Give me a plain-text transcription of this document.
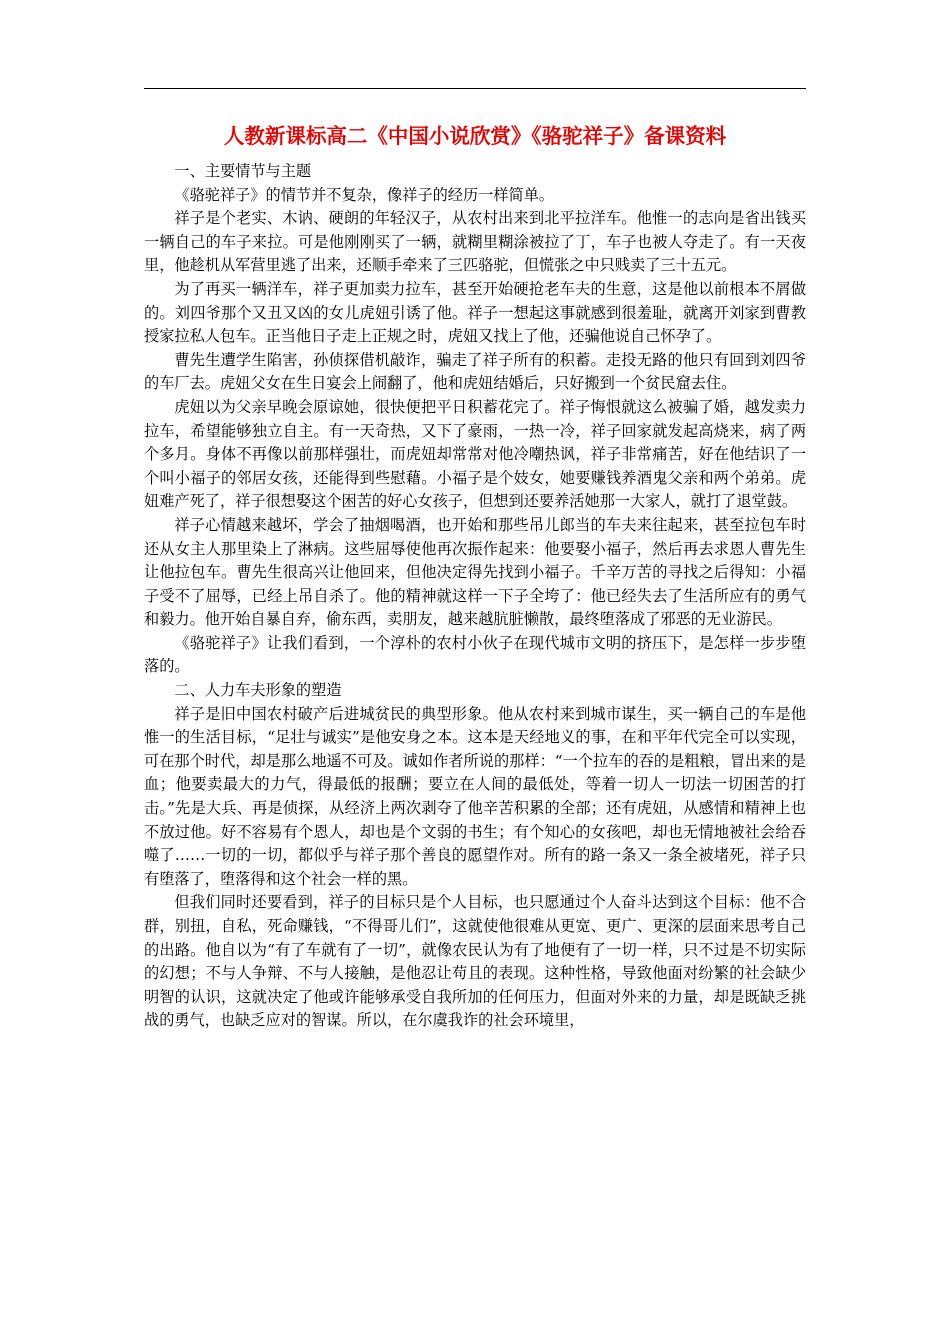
人教新课标高二《中国小说欣赏》《骆驼祥子》备课资料

一、主要情节与主题

《骆驼祥子》的情节并不复杂，像祥子的经历一样简单。

祥子是个老实、木讷、硬朗的年轻汉子，从农村出来到北平拉洋车。他惟一的志向是省出钱买一辆自己的车子来拉。可是他刚刚买了一辆，就糊里糊涂被拉了丁，车子也被人夺走了。有一天夜里，他趁机从军营里逃了出来，还顺手牵来了三匹骆驼，但慌张之中只贱卖了三十五元。

为了再买一辆洋车，祥子更加卖力拉车，甚至开始硬抢老车夫的生意，这是他以前根本不屑做的。刘四爷那个又丑又凶的女儿虎妞引诱了他。祥子一想起这事就感到很羞耻，就离开刘家到曹教授家拉私人包车。正当他日子走上正规之时，虎妞又找上了他，还骗他说自己怀孕了。

曹先生遭学生陷害，孙侦探借机敲诈，骗走了祥子所有的积蓄。走投无路的他只有回到刘四爷的车厂去。虎妞父女在生日宴会上闹翻了，他和虎妞结婚后，只好搬到一个贫民窟去住。

虎妞以为父亲早晚会原谅她，很快便把平日积蓄花完了。祥子悔恨就这么被骗了婚，越发卖力拉车，希望能够独立自主。有一天奇热，又下了豪雨，一热一冷，祥子回家就发起高烧来，病了两个多月。身体不再像以前那样强壮，而虎妞却常常对他冷嘲热讽，祥子非常痛苦，好在他结识了一个叫小福子的邻居女孩，还能得到些慰藉。小福子是个妓女，她要赚钱养酒鬼父亲和两个弟弟。虎妞难产死了，祥子很想娶这个困苦的好心女孩子，但想到还要养活她那一大家人，就打了退堂鼓。

祥子心情越来越坏，学会了抽烟喝酒，也开始和那些吊儿郎当的车夫来往起来，甚至拉包车时还从女主人那里染上了淋病。这些屈辱使他再次振作起来：他要娶小福子，然后再去求恩人曹先生让他拉包车。曹先生很高兴让他回来，但他决定得先找到小福子。千辛万苦的寻找之后得知：小福子受不了屈辱，已经上吊自杀了。他的精神就这样一下子全垮了：他已经失去了生活所应有的勇气和毅力。他开始自暴自弃，偷东西，卖朋友，越来越肮脏懒散，最终堕落成了邪恶的无业游民。

《骆驼祥子》让我们看到，一个淳朴的农村小伙子在现代城市文明的挤压下，是怎样一步步堕落的。

二、人力车夫形象的塑造

祥子是旧中国农村破产后进城贫民的典型形象。他从农村来到城市谋生，买一辆自己的车是他惟一的生活目标，“足壮与诚实”是他安身之本。这本是天经地义的事，在和平年代完全可以实现，可在那个时代，却是那么地遥不可及。诚如作者所说的那样：“一个拉车的吞的是粗粮，冒出来的是血；他要卖最大的力气，得最低的报酬；要立在人间的最低处，等着一切人一切法一切困苦的打击。”先是大兵、再是侦探，从经济上两次剥夺了他辛苦积累的全部；还有虎妞，从感情和精神上也不放过他。好不容易有个恩人，却也是个文弱的书生；有个知心的女孩吧，却也无情地被社会给吞噬了……一切的一切，都似乎与祥子那个善良的愿望作对。所有的路一条又一条全被堵死，祥子只有堕落了，堕落得和这个社会一样的黑。

但我们同时还要看到，祥子的目标只是个人目标，也只愿通过个人奋斗达到这个目标：他不合群，别扭，自私，死命赚钱，“不得哥儿们”，这就使他很难从更宽、更广、更深的层面来思考自己的出路。他自以为“有了车就有了一切”，就像农民认为有了地便有了一切一样，只不过是不切实际的幻想；不与人争辩、不与人接触，是他忍让苟且的表现。这种性格，导致他面对纷繁的社会缺少明智的认识，这就决定了他或许能够承受自我所加的任何压力，但面对外来的力量，却是既缺乏挑战的勇气，也缺乏应对的智谋。所以，在尔虞我诈的社会环境里，
